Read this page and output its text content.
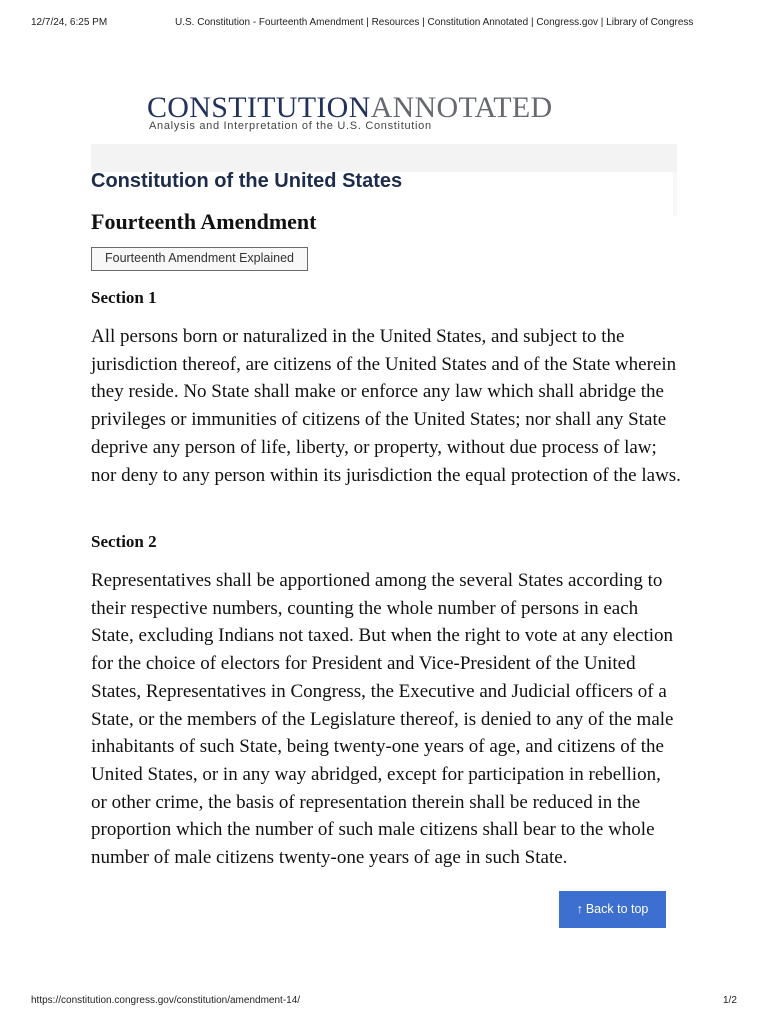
12/7/24, 6:25 PM	U.S. Constitution - Fourteenth Amendment | Resources | Constitution Annotated | Congress.gov | Library of Congress
CONSTITUTIONANNOTATED
Analysis and Interpretation of the U.S. Constitution
Constitution of the United States
Fourteenth Amendment
Fourteenth Amendment Explained
Section 1
All persons born or naturalized in the United States, and subject to the jurisdiction thereof, are citizens of the United States and of the State wherein they reside. No State shall make or enforce any law which shall abridge the privileges or immunities of citizens of the United States; nor shall any State deprive any person of life, liberty, or property, without due process of law; nor deny to any person within its jurisdiction the equal protection of the laws.
Section 2
Representatives shall be apportioned among the several States according to their respective numbers, counting the whole number of persons in each State, excluding Indians not taxed. But when the right to vote at any election for the choice of electors for President and Vice-President of the United States, Representatives in Congress, the Executive and Judicial officers of a State, or the members of the Legislature thereof, is denied to any of the male inhabitants of such State, being twenty-one years of age, and citizens of the United States, or in any way abridged, except for participation in rebellion, or other crime, the basis of representation therein shall be reduced in the proportion which the number of such male citizens shall bear to the whole number of male citizens twenty-one years of age in such State.
↑ Back to top
https://constitution.congress.gov/constitution/amendment-14/	1/2
